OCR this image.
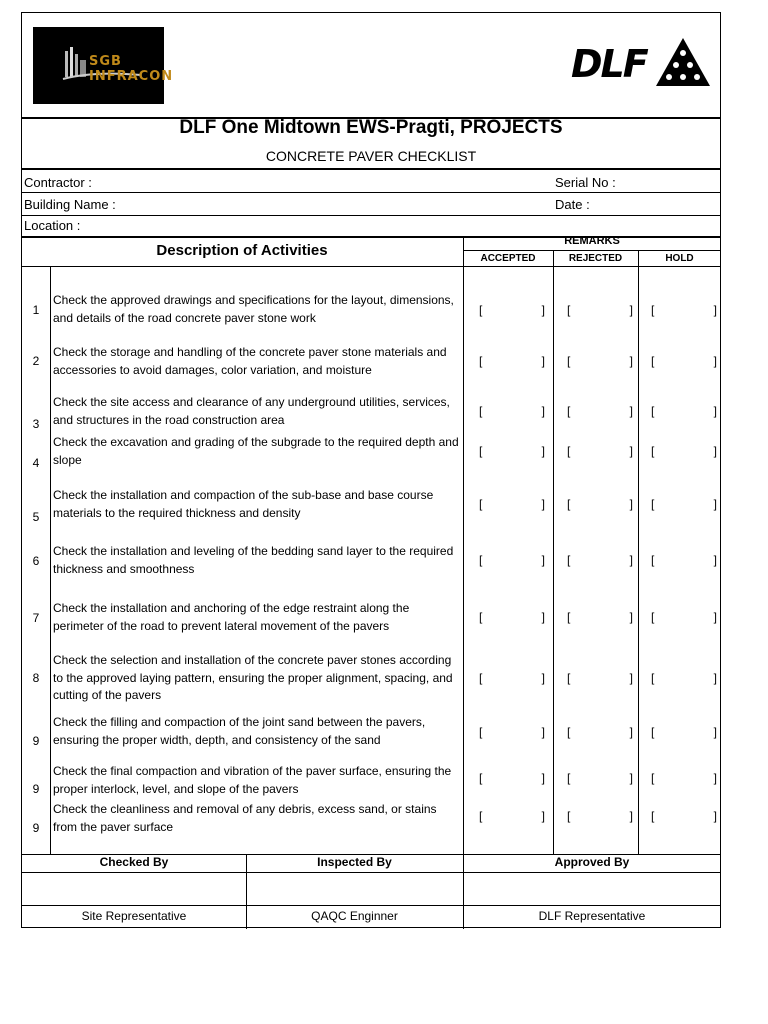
SGB INFRACON	DLF
DLF One Midtown EWS-Pragti, PROJECTS
CONCRETE PAVER CHECKLIST
Contractor :	Serial No :
Building Name :	Date :
Location :
Description of Activities
REMARKS
ACCEPTED	REJECTED	HOLD
1
Check the approved drawings and specifications for the layout, dimensions, and details of the road concrete paver stone work
[	] [	] [	]
2
Check the storage and handling of the concrete paver stone materials and accessories to avoid damages, color variation, and moisture
[	] [	] [	]
3
Check the site access and clearance of any underground utilities, services, and structures in the road construction area
[	] [	] [	]
4
Check the excavation and grading of the subgrade to the required depth and slope
[	] [	] [	]
5
Check the installation and compaction of the sub-base and base course materials to the required thickness and density
[	] [	] [	]
6
Check the installation and leveling of the bedding sand layer to the required thickness and smoothness
[	] [	] [	]
7
Check the installation and anchoring of the edge restraint along the perimeter of the road to prevent lateral movement of the pavers
[	] [	] [	]
8
Check the selection and installation of the concrete paver stones according to the approved laying pattern, ensuring the proper alignment, spacing, and cutting of the pavers
[	] [	] [	]
9
Check the filling and compaction of the joint sand between the pavers, ensuring the proper width, depth, and consistency of the sand
[	] [	] [	]
9
Check the final compaction and vibration of the paver surface, ensuring the proper interlock, level, and slope of the pavers
[	] [	] [	]
9
Check the cleanliness and removal of any debris, excess sand, or stains from the paver surface
[	] [	] [	]
Checked By	Inspected By	Approved By
Site Representative	QAQC Enginner	DLF Representative
